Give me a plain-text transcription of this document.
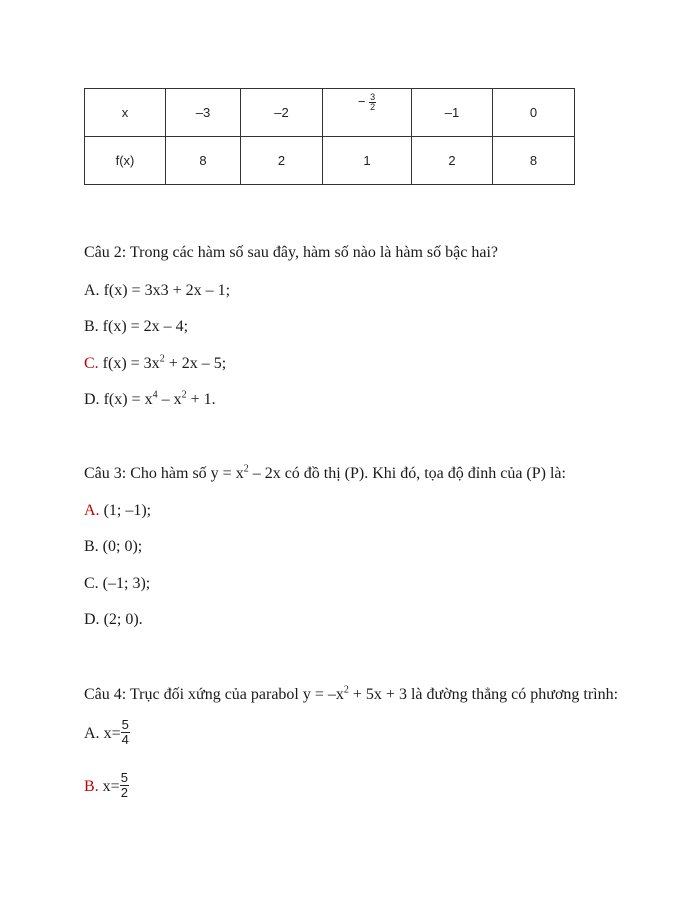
x	–3	–2	− $\frac{3}{2}$	–1	0
f(x)	8	2	1	2	8
Câu 2: Trong các hàm số sau đây, hàm số nào là hàm số bậc hai?
A. f(x) = 3x3 + 2x – 1;
B. f(x) = 2x – 4;
C. $f(x) = 3x^2 + 2x - 5$;
D. $f(x) = x^4 - x^2 + 1$.
Câu 3: Cho hàm số $y = x^2 - 2x$ có đồ thị (P). Khi đó, tọa độ đỉnh của (P) là:
A. (1; –1);
B. (0; 0);
C. (–1; 3);
D. (2; 0).
Câu 4: Trục đối xứng của parabol $y = -x^2 + 5x + 3$ là đường thẳng có phương trình:
A. $x= \frac{5}{4}$
B. $x= \frac{5}{2}$
